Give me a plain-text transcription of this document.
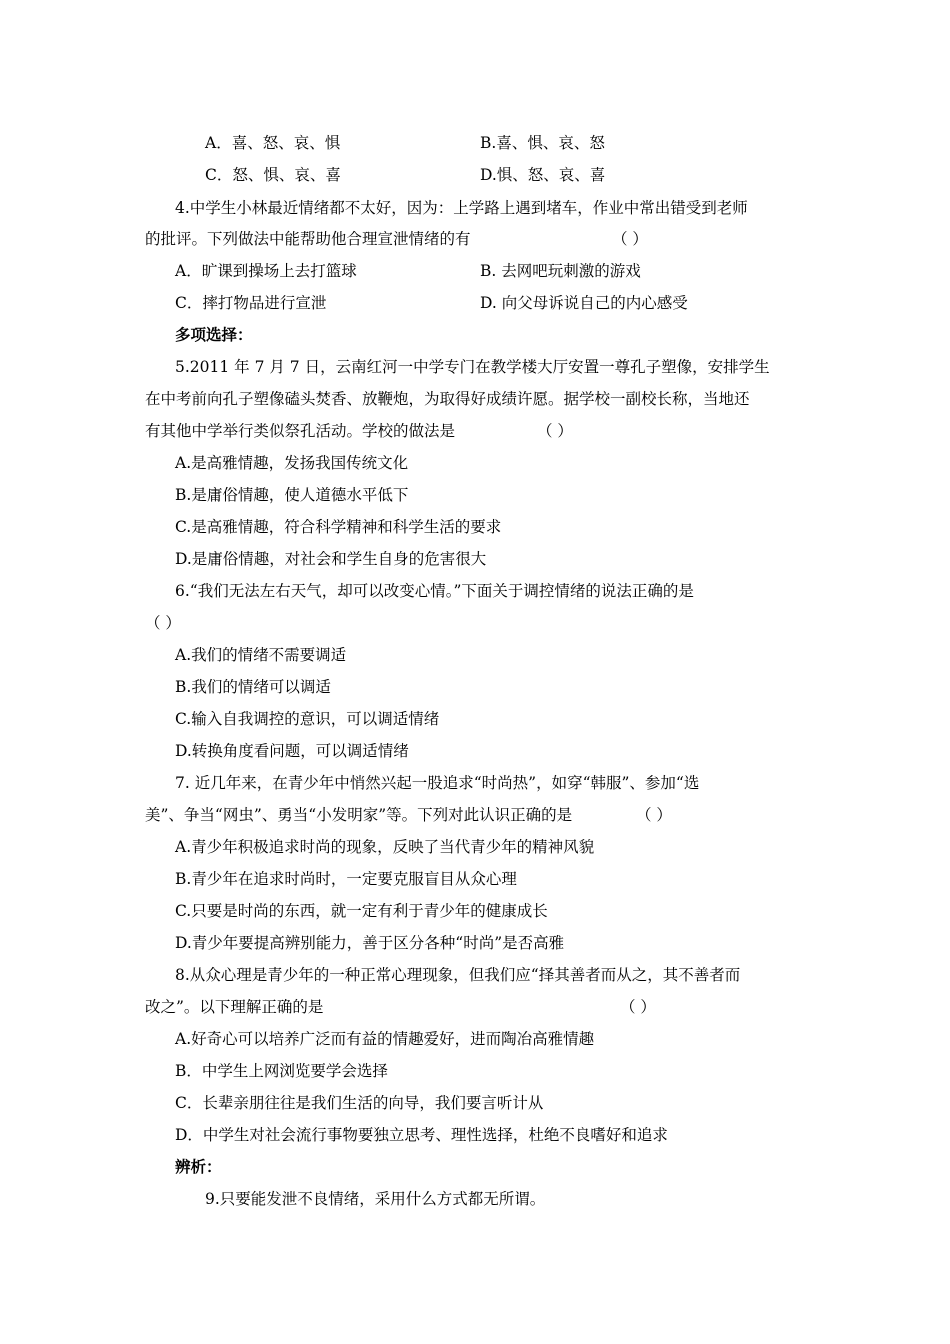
A．喜、怒、哀、惧	B.喜、惧、哀、怒
C．怒、惧、哀、喜	D.惧、怒、哀、喜
4.中学生小林最近情绪都不太好，因为：上学路上遇到堵车，作业中常出错受到老师
的批评。下列做法中能帮助他合理宣泄情绪的有	（ ）
A．旷课到操场上去打篮球	B. 去网吧玩刺激的游戏
C．摔打物品进行宣泄	D. 向父母诉说自己的内心感受
多项选择：
5.2011 年 7 月 7 日，云南红河一中学专门在教学楼大厅安置一尊孔子塑像，安排学生
在中考前向孔子塑像磕头焚香、放鞭炮，为取得好成绩许愿。据学校一副校长称，当地还
有其他中学举行类似祭孔活动。学校的做法是	（ ）
A.是高雅情趣，发扬我国传统文化
B.是庸俗情趣，使人道德水平低下
C.是高雅情趣，符合科学精神和科学生活的要求
D.是庸俗情趣，对社会和学生自身的危害很大
6.“我们无法左右天气，却可以改变心情。”下面关于调控情绪的说法正确的是
（ ）
A.我们的情绪不需要调适
B.我们的情绪可以调适
C.输入自我调控的意识，可以调适情绪
D.转换角度看问题，可以调适情绪
7. 近几年来，在青少年中悄然兴起一股追求“时尚热”，如穿“韩服”、参加“选
美”、争当“网虫”、勇当“小发明家”等。下列对此认识正确的是	（ ）
A.青少年积极追求时尚的现象，反映了当代青少年的精神风貌
B.青少年在追求时尚时，一定要克服盲目从众心理
C.只要是时尚的东西，就一定有利于青少年的健康成长
D.青少年要提高辨别能力，善于区分各种“时尚”是否高雅
8.从众心理是青少年的一种正常心理现象，但我们应“择其善者而从之，其不善者而
改之”。以下理解正确的是	（ ）
A.好奇心可以培养广泛而有益的情趣爱好，进而陶冶高雅情趣
B．中学生上网浏览要学会选择
C．长辈亲朋往往是我们生活的向导，我们要言听计从
D．中学生对社会流行事物要独立思考、理性选择，杜绝不良嗜好和追求
辨析：
9.只要能发泄不良情绪，采用什么方式都无所谓。
